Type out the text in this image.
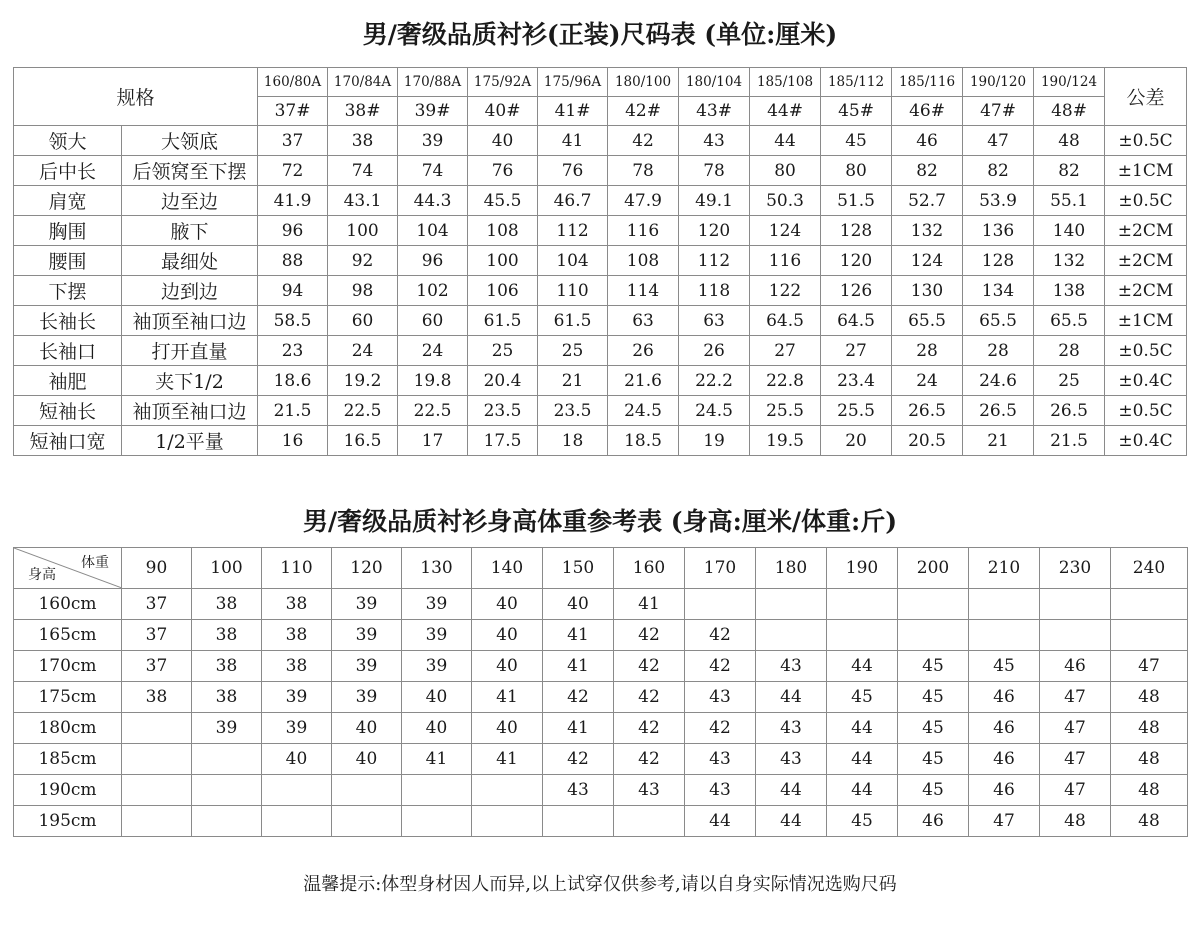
男/奢级品质衬衫(正装)尺码表 (单位:厘米)
规格		160/80A	170/84A	170/88A	175/92A	175/96A	180/100	180/104	185/108	185/112	185/116	190/120	190/124	公差
		37#	38#	39#	40#	41#	42#	43#	44#	45#	46#	47#	48#	
领大	大领底	37	38	39	40	41	42	43	44	45	46	47	48	±0.5C
后中长	后领窝至下摆	72	74	74	76	76	78	78	80	80	82	82	82	±1CM
肩宽	边至边	41.9	43.1	44.3	45.5	46.7	47.9	49.1	50.3	51.5	52.7	53.9	55.1	±0.5C
胸围	腋下	96	100	104	108	112	116	120	124	128	132	136	140	±2CM
腰围	最细处	88	92	96	100	104	108	112	116	120	124	128	132	±2CM
下摆	边到边	94	98	102	106	110	114	118	122	126	130	134	138	±2CM
长袖长	袖顶至袖口边	58.5	60	60	61.5	61.5	63	63	64.5	64.5	65.5	65.5	65.5	±1CM
长袖口	打开直量	23	24	24	25	25	26	26	27	27	28	28	28	±0.5C
袖肥	夹下1/2	18.6	19.2	19.8	20.4	21	21.6	22.2	22.8	23.4	24	24.6	25	±0.4C
短袖长	袖顶至袖口边	21.5	22.5	22.5	23.5	23.5	24.5	24.5	25.5	25.5	26.5	26.5	26.5	±0.5C
短袖口宽	1/2平量	16	16.5	17	17.5	18	18.5	19	19.5	20	20.5	21	21.5	±0.4C
男/奢级品质衬衫身高体重参考表 (身高:厘米/体重:斤)
体重
身高	90	100	110	120	130	140	150	160	170	180	190	200	210	230	240
160cm	37	38	38	39	39	40	40	41							
165cm	37	38	38	39	39	40	41	42	42						
170cm	37	38	38	39	39	40	41	42	42	43	44	45	45	46	47
175cm	38	38	39	39	40	41	42	42	43	44	45	45	46	47	48
180cm		39	39	40	40	40	41	42	42	43	44	45	46	47	48
185cm			40	40	41	41	42	42	43	43	44	45	46	47	48
190cm							43	43	43	44	44	45	46	47	48
195cm									44	44	45	46	47	48	48
温馨提示:体型身材因人而异,以上试穿仅供参考,请以自身实际情况选购尺码
